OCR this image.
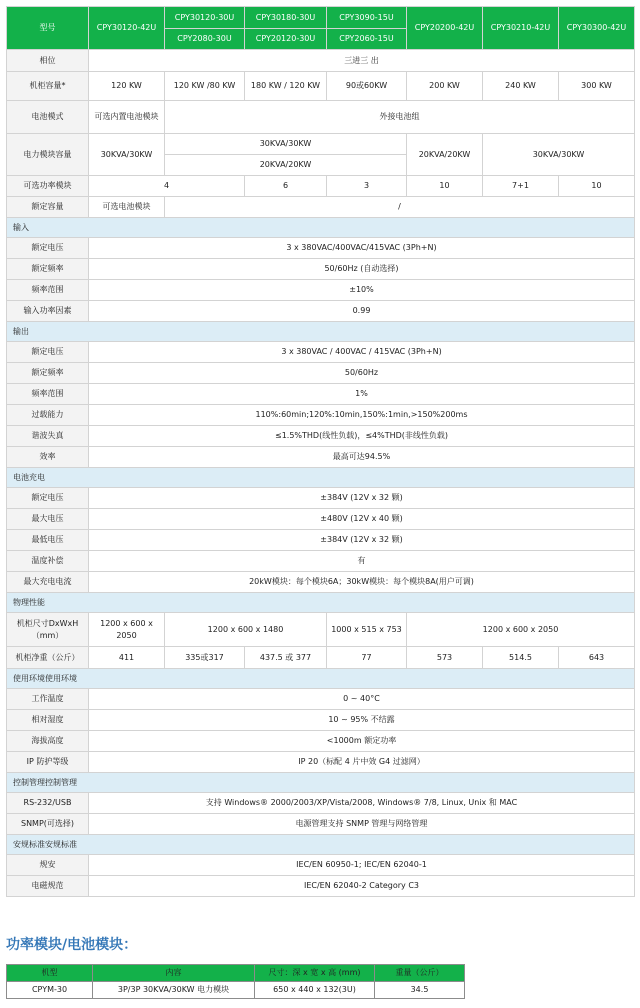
型号	CPY30120-42U	CPY30120-30U	CPY30180-30U	CPY3090-15U	CPY20200-42U	CPY30210-42U	CPY30300-42U
		CPY2080-30U	CPY20120-30U	CPY2060-15U			
相位	三进三 出						
机柜容量*	120 KW	120 KW /80 KW	180 KW / 120 KW	90或60KW	200 KW	240 KW	300 KW
电池模式	可选内置电池模块	外接电池组					
电力模块容量	30KVA/30KW	30KVA/30KW			20KVA/20KW	30KVA/30KW	
		20KVA/20KW					
可选功率模块	4		6	3	10	7+1	10
额定容量	可选电池模块	/					
输入							
额定电压	3 x 380VAC/400VAC/415VAC (3Ph+N)						
额定频率	50/60Hz (自动选择)						
频率范围	±10%						
输入功率因素	0.99						
输出							
额定电压	3 x 380VAC / 400VAC / 415VAC (3Ph+N)						
额定频率	50/60Hz						
频率范围	1%						
过载能力	110%:60min;120%:10min,150%:1min,>150%200ms						
谐波失真	≤1.5%THD(线性负载)，≤4%THD(非线性负载)						
效率	最高可达94.5%						
电池充电							
额定电压	±384V (12V x 32 颗)						
最大电压	±480V (12V x 40 颗)						
最低电压	±384V (12V x 32 颗)						
温度补偿	有						
最大充电电流	20kW模块：每个模块6A；30kW模块：每个模块8A(用户可调)						
物理性能							
机柜尺寸DxWxH（mm）	1200 x 600 x 2050	1200 x 600 x 1480		1000 x 515 x 753	1200 x 600 x 2050		
机柜净重（公斤）	411	335或317	437.5 或 377	77	573	514.5	643
使用环境使用环境							
工作温度	0 ~ 40°C						
相对湿度	10 ~ 95% 不结露						
海拔高度	<1000m 额定功率						
IP 防护等级	IP 20（标配 4 片中效 G4 过滤网）						
控制管理控制管理							
RS-232/USB	支持 Windows® 2000/2003/XP/Vista/2008, Windows® 7/8, Linux, Unix 和 MAC						
SNMP(可选择)	电源管理支持 SNMP 管理与网络管理						
安规标准安规标准							
规安	IEC/EN 60950-1; IEC/EN 62040-1						
电磁规范	IEC/EN 62040-2 Category C3						
功率模块/电池模块：
机型	内容	尺寸：深 x 宽 x 高 (mm)	重量（公斤）
CPYM-30	3P/3P 30KVA/30KW 电力模块	650 x 440 x 132(3U)	34.5
